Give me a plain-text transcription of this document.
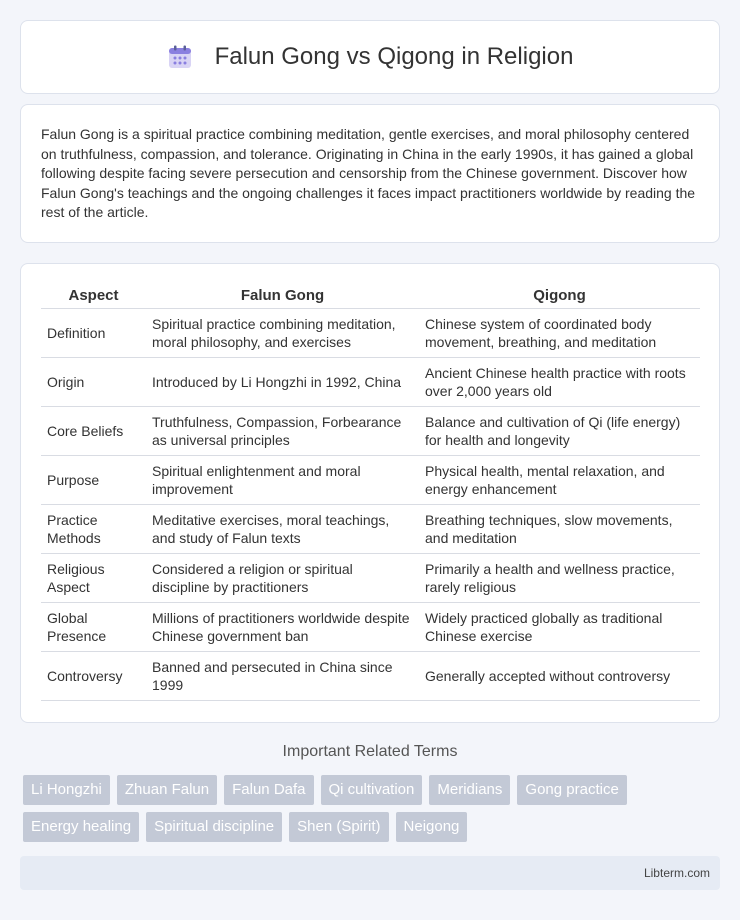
Falun Gong vs Qigong in Religion

Falun Gong is a spiritual practice combining meditation, gentle exercises, and moral philosophy centered on truthfulness, compassion, and tolerance. Originating in China in the early 1990s, it has gained a global following despite facing severe persecution and censorship from the Chinese government. Discover how Falun Gong's teachings and the ongoing challenges it faces impact practitioners worldwide by reading the rest of the article.

Aspect	Falun Gong	Qigong
Definition	Spiritual practice combining meditation, moral philosophy, and exercises	Chinese system of coordinated body movement, breathing, and meditation
Origin	Introduced by Li Hongzhi in 1992, China	Ancient Chinese health practice with roots over 2,000 years old
Core Beliefs	Truthfulness, Compassion, Forbearance as universal principles	Balance and cultivation of Qi (life energy) for health and longevity
Purpose	Spiritual enlightenment and moral improvement	Physical health, mental relaxation, and energy enhancement
Practice Methods	Meditative exercises, moral teachings, and study of Falun texts	Breathing techniques, slow movements, and meditation
Religious Aspect	Considered a religion or spiritual discipline by practitioners	Primarily a health and wellness practice, rarely religious
Global Presence	Millions of practitioners worldwide despite Chinese government ban	Widely practiced globally as traditional Chinese exercise
Controversy	Banned and persecuted in China since 1999	Generally accepted without controversy
Important Related Terms
Li Hongzhi	Zhuan Falun	Falun Dafa	Qi cultivation	Meridians	Gong practice
Energy healing	Spiritual discipline	Shen (Spirit)	Neigong
Libterm.com
